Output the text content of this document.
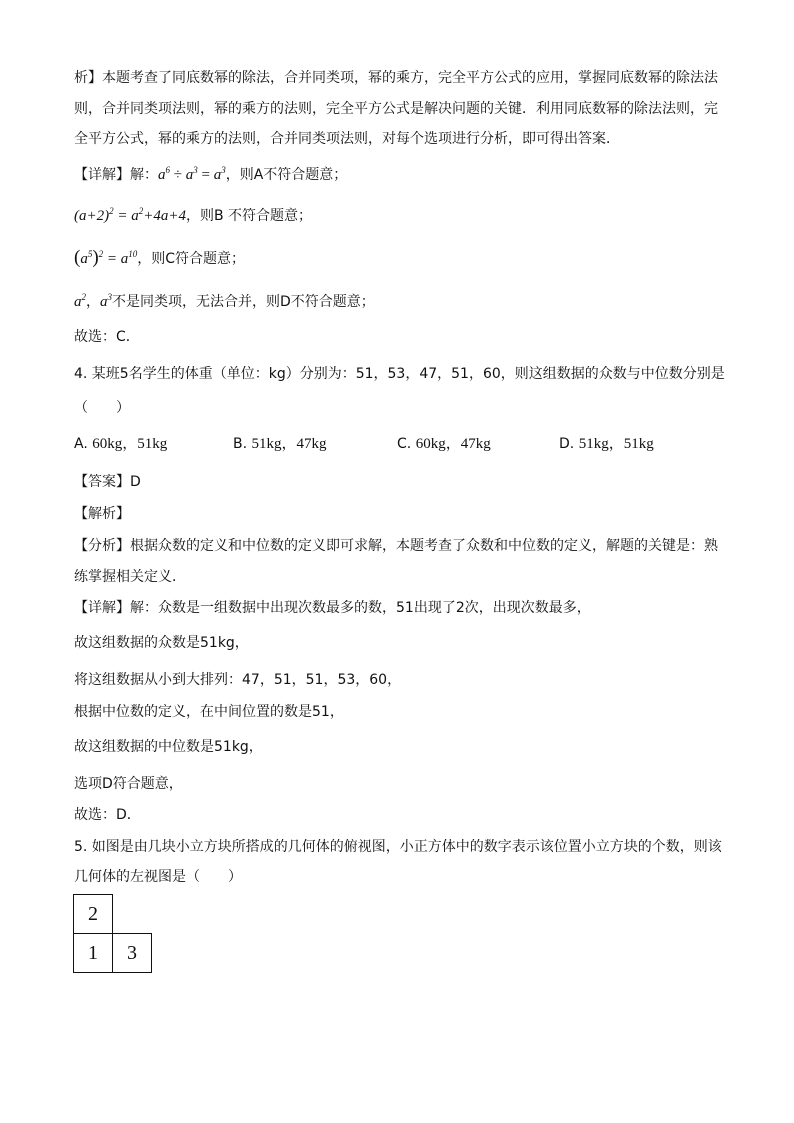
析】本题考查了同底数幂的除法，合并同类项，幂的乘方，完全平方公式的应用，掌握同底数幂的除法法
则，合并同类项法则，幂的乘方的法则，完全平方公式是解决问题的关键．利用同底数幂的除法法则，完
全平方公式，幂的乘方的法则，合并同类项法则，对每个选项进行分析，即可得出答案．
【详解】解：$a^6 \div a^3 = a^3$，则A不符合题意；
$(a+2)^2 = a^2+4a+4$，则B 不符合题意；
$(a^5)^2 = a^{10}$，则C符合题意；
$a^2$，$a^3$不是同类项，无法合并，则D不符合题意；
故选：C．
4. 某班5名学生的体重（单位：kg）分别为：51，53，47，51，60，则这组数据的众数与中位数分别是
（　　）
A. 60kg，51kg	B. 51kg，47kg	C. 60kg，47kg	D. 51kg，51kg
【答案】D
【解析】
【分析】根据众数的定义和中位数的定义即可求解，本题考查了众数和中位数的定义，解题的关键是：熟
练掌握相关定义．
【详解】解：众数是一组数据中出现次数最多的数，51出现了2次，出现次数最多，
故这组数据的众数是51kg，
将这组数据从小到大排列：47，51，51，53，60，
根据中位数的定义，在中间位置的数是51，
故这组数据的中位数是51kg，
选项D符合题意，
故选：D．
5. 如图是由几块小立方块所搭成的几何体的俯视图，小正方体中的数字表示该位置小立方块的个数，则该
几何体的左视图是（　　）
2
1	3
